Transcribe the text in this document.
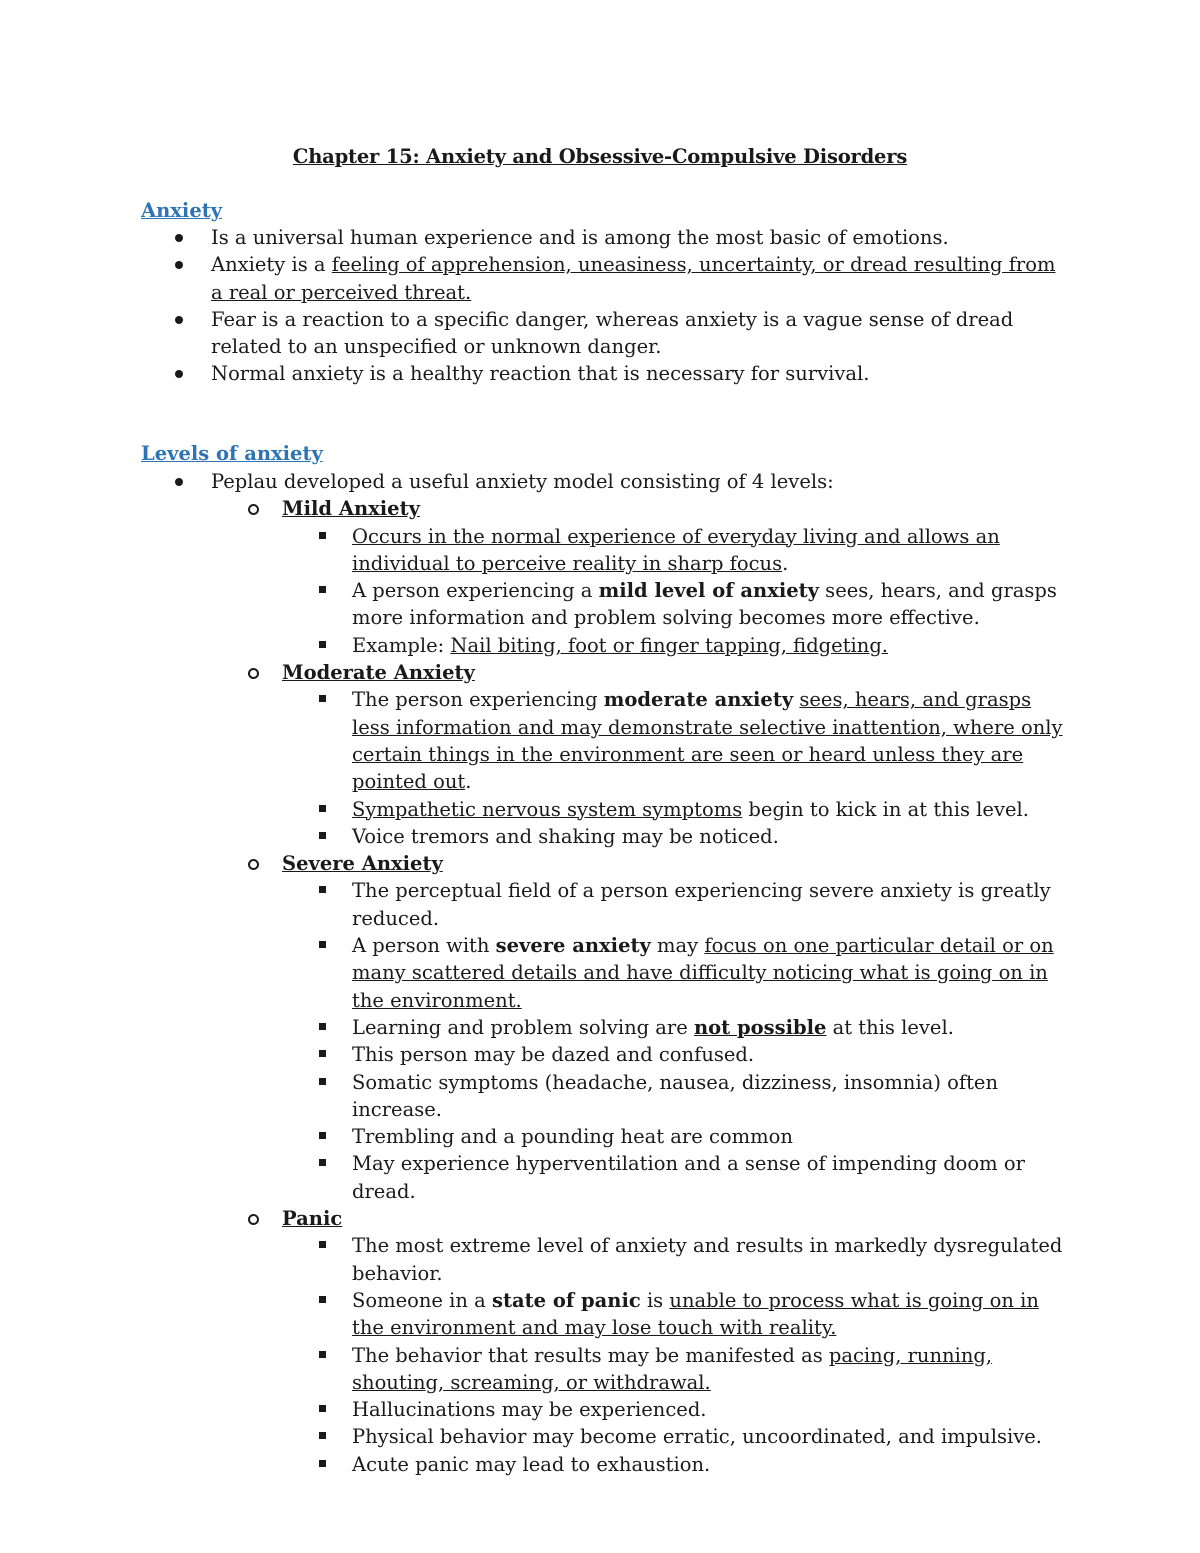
Chapter 15: Anxiety and Obsessive-Compulsive Disorders
Anxiety
Is a universal human experience and is among the most basic of emotions.
Anxiety is a feeling of apprehension, uneasiness, uncertainty, or dread resulting from a real or perceived threat.
Fear is a reaction to a specific danger, whereas anxiety is a vague sense of dread related to an unspecified or unknown danger.
Normal anxiety is a healthy reaction that is necessary for survival.
Levels of anxiety
Peplau developed a useful anxiety model consisting of 4 levels:
Mild Anxiety
Occurs in the normal experience of everyday living and allows an individual to perceive reality in sharp focus.
A person experiencing a mild level of anxiety sees, hears, and grasps more information and problem solving becomes more effective.
Example: Nail biting, foot or finger tapping, fidgeting.
Moderate Anxiety
The person experiencing moderate anxiety sees, hears, and grasps less information and may demonstrate selective inattention, where only certain things in the environment are seen or heard unless they are pointed out.
Sympathetic nervous system symptoms begin to kick in at this level.
Voice tremors and shaking may be noticed.
Severe Anxiety
The perceptual field of a person experiencing severe anxiety is greatly reduced.
A person with severe anxiety may focus on one particular detail or on many scattered details and have difficulty noticing what is going on in the environment.
Learning and problem solving are not possible at this level.
This person may be dazed and confused.
Somatic symptoms (headache, nausea, dizziness, insomnia) often increase.
Trembling and a pounding heat are common
May experience hyperventilation and a sense of impending doom or dread.
Panic
The most extreme level of anxiety and results in markedly dysregulated behavior.
Someone in a state of panic is unable to process what is going on in the environment and may lose touch with reality.
The behavior that results may be manifested as pacing, running, shouting, screaming, or withdrawal.
Hallucinations may be experienced.
Physical behavior may become erratic, uncoordinated, and impulsive.
Acute panic may lead to exhaustion.
